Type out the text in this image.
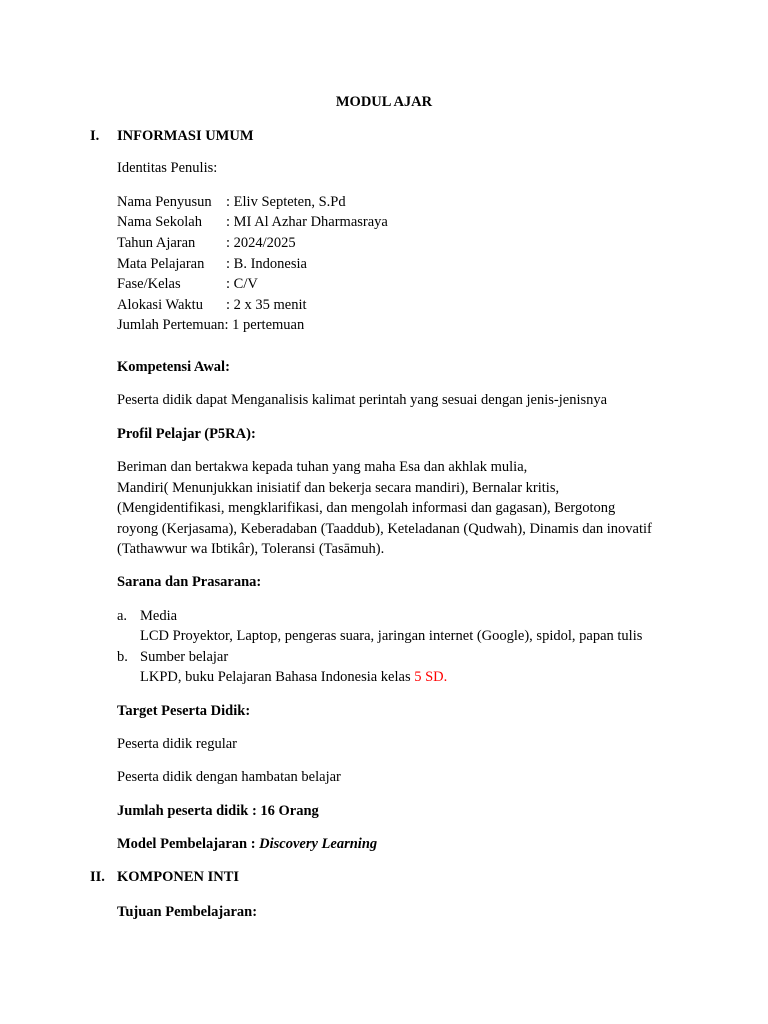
MODUL AJAR
I. INFORMASI UMUM
Identitas Penulis:
Nama Penyusun : Eliv Septeten, S.Pd
Nama Sekolah : MI Al Azhar Dharmasraya
Tahun Ajaran : 2024/2025
Mata Pelajaran : B. Indonesia
Fase/Kelas	: C/V
Alokasi Waktu : 2 x 35 menit
Jumlah Pertemuan: 1 pertemuan
Kompetensi Awal:
Peserta didik dapat Menganalisis kalimat perintah yang sesuai dengan jenis-jenisnya
Profil Pelajar (P5RA):
Beriman dan bertakwa kepada tuhan yang maha Esa dan akhlak mulia,
Mandiri( Menunjukkan inisiatif dan bekerja secara mandiri), Bernalar kritis,
(Mengidentifikasi, mengklarifikasi, dan mengolah informasi dan gagasan), Bergotong
royong (Kerjasama), Keberadaban (Taaddub), Keteladanan (Qudwah), Dinamis dan inovatif
(Tathawwur wa Ibtikâr), Toleransi (Tasāmuh).
Sarana dan Prasarana:
a. Media
LCD Proyektor, Laptop, pengeras suara, jaringan internet (Google), spidol, papan tulis
b. Sumber belajar
LKPD, buku Pelajaran Bahasa Indonesia kelas 5 SD.
Target Peserta Didik:
Peserta didik regular
Peserta didik dengan hambatan belajar
Jumlah peserta didik : 16 Orang
Model Pembelajaran : Discovery Learning
II. KOMPONEN INTI
Tujuan Pembelajaran:
